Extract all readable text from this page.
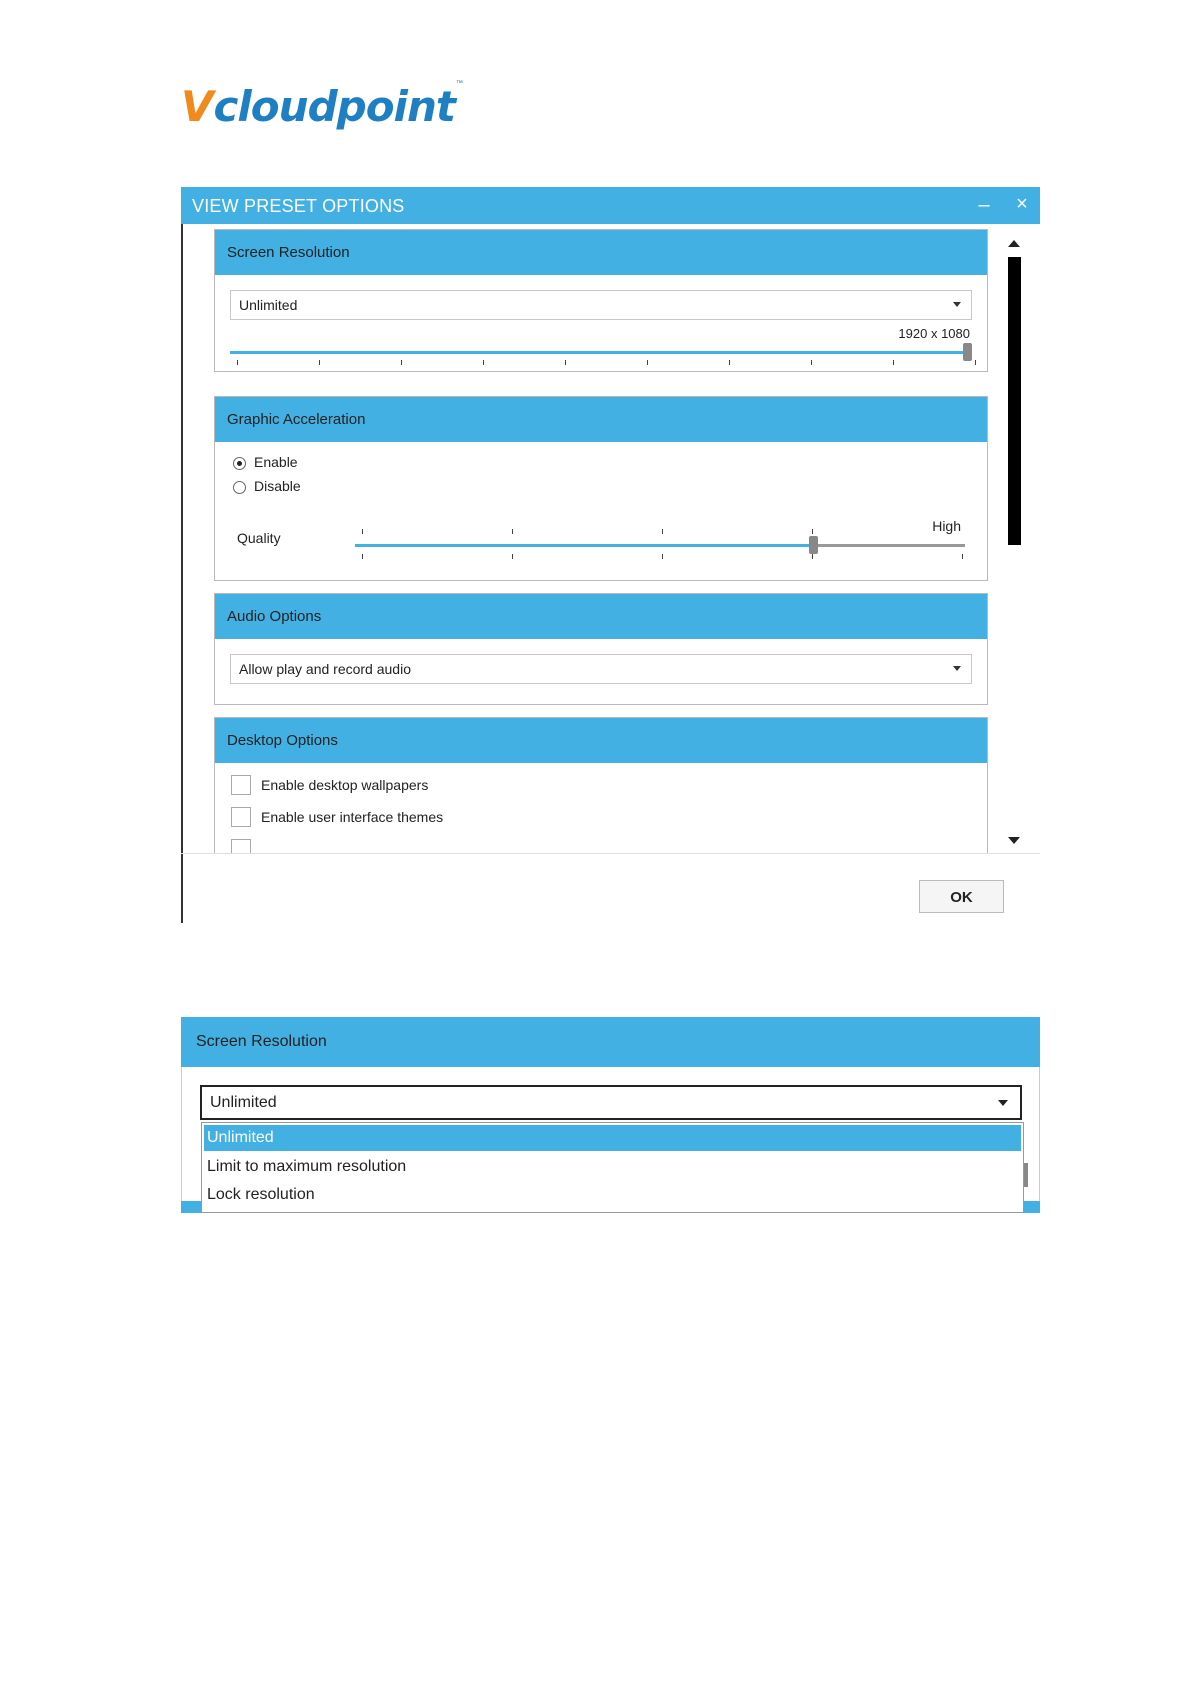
V cloudpoint ™
VIEW PRESET OPTIONS	– ×
Screen Resolution
Unlimited
1920 x 1080
Graphic Acceleration
Enable
Disable
Quality
High
Audio Options
Allow play and record audio
Desktop Options
Enable desktop wallpapers
Enable user interface themes
OK
Screen Resolution
Unlimited
Unlimited
Limit to maximum resolution
Lock resolution
